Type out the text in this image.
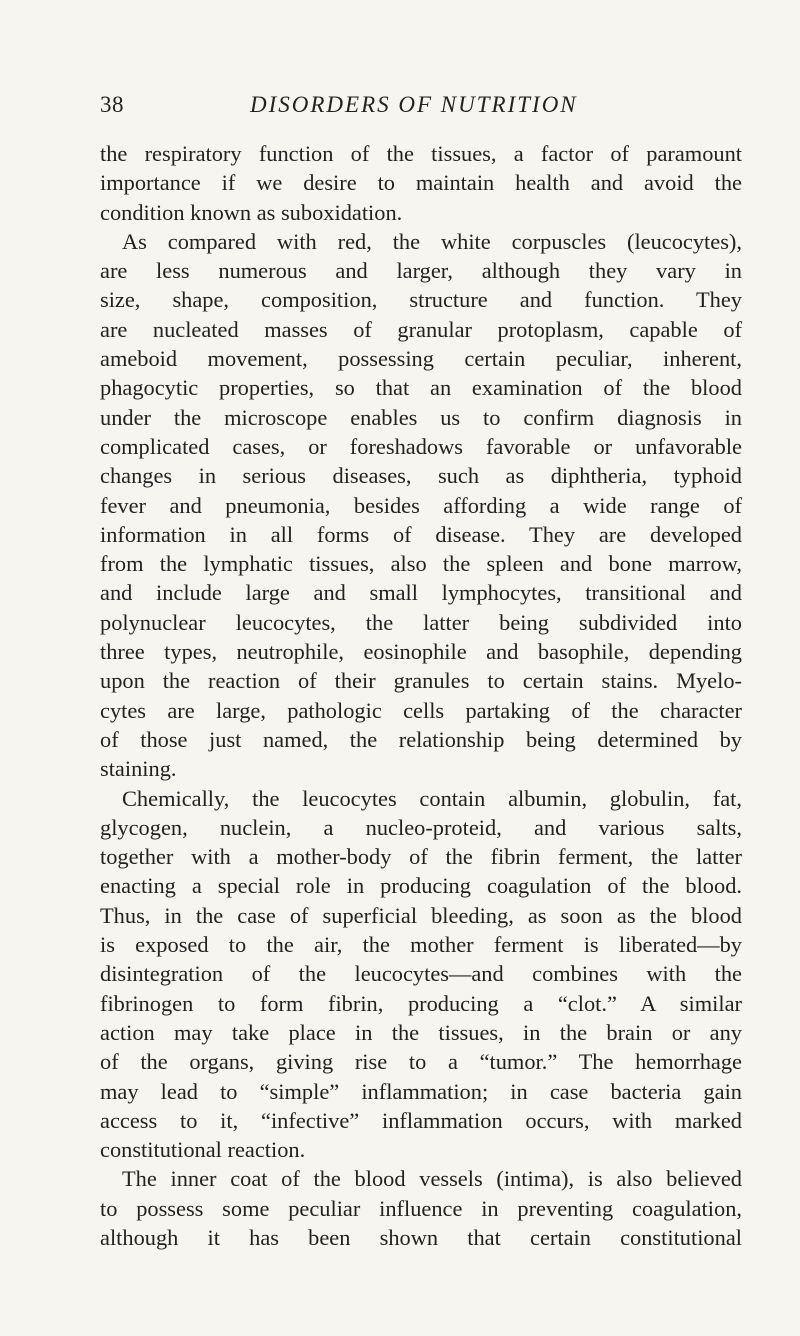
38	DISORDERS OF NUTRITION
the respiratory function of the tissues, a factor of paramount
importance if we desire to maintain health and avoid the
condition known as suboxidation.
As compared with red, the white corpuscles (leucocytes),
are less numerous and larger, although they vary in
size, shape, composition, structure and function. They
are nucleated masses of granular protoplasm, capable of
ameboid movement, possessing certain peculiar, inherent,
phagocytic properties, so that an examination of the blood
under the microscope enables us to confirm diagnosis in
complicated cases, or foreshadows favorable or unfavorable
changes in serious diseases, such as diphtheria, typhoid
fever and pneumonia, besides affording a wide range of
information in all forms of disease. They are developed
from the lymphatic tissues, also the spleen and bone marrow,
and include large and small lymphocytes, transitional and
polynuclear leucocytes, the latter being subdivided into
three types, neutrophile, eosinophile and basophile, depending
upon the reaction of their granules to certain stains. Myelo-
cytes are large, pathologic cells partaking of the character
of those just named, the relationship being determined by
staining.
Chemically, the leucocytes contain albumin, globulin, fat,
glycogen, nuclein, a nucleo-proteid, and various salts,
together with a mother-body of the fibrin ferment, the latter
enacting a special role in producing coagulation of the blood.
Thus, in the case of superficial bleeding, as soon as the blood
is exposed to the air, the mother ferment is liberated—by
disintegration of the leucocytes—and combines with the
fibrinogen to form fibrin, producing a “clot.” A similar
action may take place in the tissues, in the brain or any
of the organs, giving rise to a “tumor.” The hemorrhage
may lead to “simple” inflammation; in case bacteria gain
access to it, “infective” inflammation occurs, with marked
constitutional reaction.
The inner coat of the blood vessels (intima), is also believed
to possess some peculiar influence in preventing coagulation,
although it has been shown that certain constitutional
